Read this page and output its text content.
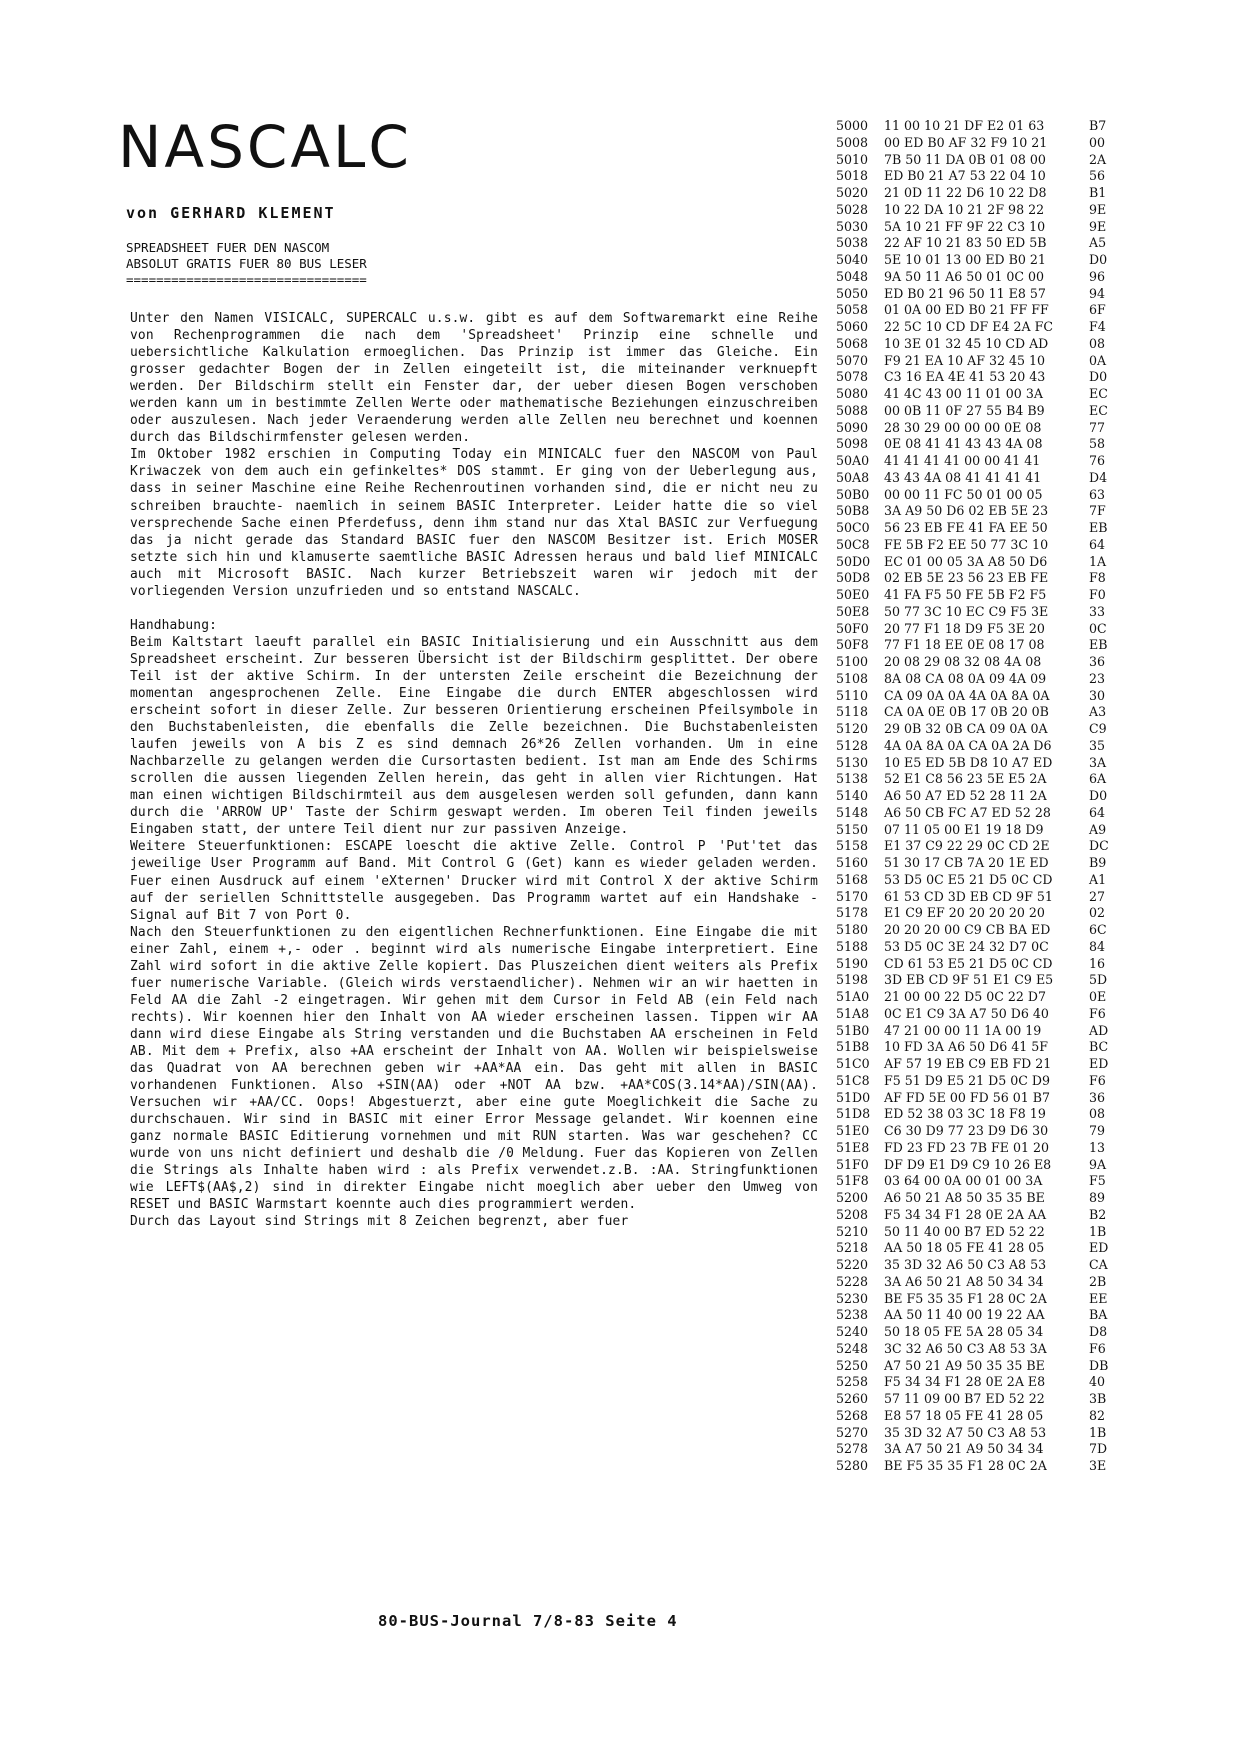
NASCALC
von GERHARD KLEMENT
SPREADSHEET FUER DEN NASCOM
ABSOLUT GRATIS FUER 80 BUS LESER
================================

Unter den Namen VISICALC, SUPERCALC u.s.w. gibt es auf dem Softwaremarkt eine Reihe von Rechenprogrammen die nach dem 'Spreadsheet' Prinzip eine schnelle und uebersichtliche Kalkulation ermoeglichen. Das Prinzip ist immer das Gleiche. Ein grosser gedachter Bogen der in Zellen eingeteilt ist, die miteinander verknuepft werden. Der Bildschirm stellt ein Fenster dar, der ueber diesen Bogen verschoben werden kann um in bestimmte Zellen Werte oder mathematische Beziehungen einzuschreiben oder auszulesen. Nach jeder Veraenderung werden alle Zellen neu berechnet und koennen durch das Bildschirmfenster gelesen werden.

Im Oktober 1982 erschien in Computing Today ein MINICALC fuer den NASCOM von Paul Kriwaczek von dem auch ein gefinkeltes* DOS stammt. Er ging von der Ueberlegung aus, dass in seiner Maschine eine Reihe Rechenroutinen vorhanden sind, die er nicht neu zu schreiben brauchte- naemlich in seinem BASIC Interpreter. Leider hatte die so viel versprechende Sache einen Pferdefuss, denn ihm stand nur das Xtal BASIC zur Verfuegung das ja nicht gerade das Standard BASIC fuer den NASCOM Besitzer ist. Erich MOSER setzte sich hin und klamuserte saemtliche BASIC Adressen heraus und bald lief MINICALC auch mit Microsoft BASIC. Nach kurzer Betriebszeit waren wir jedoch mit der vorliegenden Version unzufrieden und so entstand NASCALC.

Handhabung:

Beim Kaltstart laeuft parallel ein BASIC Initialisierung und ein Ausschnitt aus dem Spreadsheet erscheint. Zur besseren Übersicht ist der Bildschirm gesplittet. Der obere Teil ist der aktive Schirm. In der untersten Zeile erscheint die Bezeichnung der momentan angesprochenen Zelle. Eine Eingabe die durch ENTER abgeschlossen wird erscheint sofort in dieser Zelle. Zur besseren Orientierung erscheinen Pfeilsymbole in den Buchstabenleisten, die ebenfalls die Zelle bezeichnen. Die Buchstabenleisten laufen jeweils von A bis Z es sind demnach 26*26 Zellen vorhanden. Um in eine Nachbarzelle zu gelangen werden die Cursortasten bedient. Ist man am Ende des Schirms scrollen die aussen liegenden Zellen herein, das geht in allen vier Richtungen. Hat man einen wichtigen Bildschirmteil aus dem ausgelesen werden soll gefunden, dann kann durch die 'ARROW UP' Taste der Schirm geswapt werden. Im oberen Teil finden jeweils Eingaben statt, der untere Teil dient nur zur passiven Anzeige.

Weitere Steuerfunktionen: ESCAPE loescht die aktive Zelle. Control P 'Put'tet das jeweilige User Programm auf Band. Mit Control G (Get) kann es wieder geladen werden. Fuer einen Ausdruck auf einem 'eXternen' Drucker wird mit Control X der aktive Schirm auf der seriellen Schnittstelle ausgegeben. Das Programm wartet auf ein Handshake - Signal auf Bit 7 von Port 0.

Nach den Steuerfunktionen zu den eigentlichen Rechnerfunktionen. Eine Eingabe die mit einer Zahl, einem +,- oder . beginnt wird als numerische Eingabe interpretiert. Eine Zahl wird sofort in die aktive Zelle kopiert. Das Pluszeichen dient weiters als Prefix fuer numerische Variable. (Gleich wirds verstaendlicher). Nehmen wir an wir haetten in Feld AA die Zahl -2 eingetragen. Wir gehen mit dem Cursor in Feld AB (ein Feld nach rechts). Wir koennen hier den Inhalt von AA wieder erscheinen lassen. Tippen wir AA dann wird diese Eingabe als String verstanden und die Buchstaben AA erscheinen in Feld AB. Mit dem + Prefix, also +AA erscheint der Inhalt von AA. Wollen wir beispielsweise das Quadrat von AA berechnen geben wir +AA*AA ein. Das geht mit allen in BASIC vorhandenen Funktionen. Also +SIN(AA) oder +NOT AA bzw. +AA*COS(3.14*AA)/SIN(AA). Versuchen wir +AA/CC. Oops! Abgestuerzt, aber eine gute Moeglichkeit die Sache zu durchschauen. Wir sind in BASIC mit einer Error Message gelandet. Wir koennen eine ganz normale BASIC Editierung vornehmen und mit RUN starten. Was war geschehen? CC wurde von uns nicht definiert und deshalb die /0 Meldung. Fuer das Kopieren von Zellen die Strings als Inhalte haben wird : als Prefix verwendet.z.B. :AA. Stringfunktionen wie LEFT$(AA$,2) sind in direkter Eingabe nicht moeglich aber ueber den Umweg von RESET und BASIC Warmstart koennte auch dies programmiert werden.

Durch das Layout sind Strings mit 8 Zeichen begrenzt, aber fuer

5000 11 00 10 21 DF E2 01 63	B7
5008 00 ED B0 AF 32 F9 10 21	00
5010 7B 50 11 DA 0B 01 08 00	2A
5018 ED B0 21 A7 53 22 04 10	56
5020 21 0D 11 22 D6 10 22 D8	B1
5028 10 22 DA 10 21 2F 98 22	9E
5030 5A 10 21 FF 9F 22 C3 10	9E
5038 22 AF 10 21 83 50 ED 5B	A5
5040 5E 10 01 13 00 ED B0 21	D0
5048 9A 50 11 A6 50 01 0C 00	96
5050 ED B0 21 96 50 11 E8 57	94
5058 01 0A 00 ED B0 21 FF FF	6F
5060 22 5C 10 CD DF E4 2A FC	F4
5068 10 3E 01 32 45 10 CD AD	08
5070 F9 21 EA 10 AF 32 45 10	0A
5078 C3 16 EA 4E 41 53 20 43	D0
5080 41 4C 43 00 11 01 00 3A	EC
5088 00 0B 11 0F 27 55 B4 B9	EC
5090 28 30 29 00 00 00 0E 08	77
5098 0E 08 41 41 43 43 4A 08	58
50A0 41 41 41 41 00 00 41 41	76
50A8 43 43 4A 08 41 41 41 41	D4
50B0 00 00 11 FC 50 01 00 05	63
50B8 3A A9 50 D6 02 EB 5E 23	7F
50C0 56 23 EB FE 41 FA EE 50	EB
50C8 FE 5B F2 EE 50 77 3C 10	64
50D0 EC 01 00 05 3A A8 50 D6	1A
50D8 02 EB 5E 23 56 23 EB FE	F8
50E0 41 FA F5 50 FE 5B F2 F5	F0
50E8 50 77 3C 10 EC C9 F5 3E	33
50F0 20 77 F1 18 D9 F5 3E 20	0C
50F8 77 F1 18 EE 0E 08 17 08	EB
5100 20 08 29 08 32 08 4A 08	36
5108 8A 08 CA 08 0A 09 4A 09	23
5110 CA 09 0A 0A 4A 0A 8A 0A	30
5118 CA 0A 0E 0B 17 0B 20 0B	A3
5120 29 0B 32 0B CA 09 0A 0A	C9
5128 4A 0A 8A 0A CA 0A 2A D6	35
5130 10 E5 ED 5B D8 10 A7 ED	3A
5138 52 E1 C8 56 23 5E E5 2A	6A
5140 A6 50 A7 ED 52 28 11 2A	D0
5148 A6 50 CB FC A7 ED 52 28	64
5150 07 11 05 00 E1 19 18 D9	A9
5158 E1 37 C9 22 29 0C CD 2E	DC
5160 51 30 17 CB 7A 20 1E ED	B9
5168 53 D5 0C E5 21 D5 0C CD	A1
5170 61 53 CD 3D EB CD 9F 51	27
5178 E1 C9 EF 20 20 20 20 20	02
5180 20 20 20 00 C9 CB BA ED	6C
5188 53 D5 0C 3E 24 32 D7 0C	84
5190 CD 61 53 E5 21 D5 0C CD	16
5198 3D EB CD 9F 51 E1 C9 E5	5D
51A0 21 00 00 22 D5 0C 22 D7	0E
51A8 0C E1 C9 3A A7 50 D6 40	F6
51B0 47 21 00 00 11 1A 00 19	AD
51B8 10 FD 3A A6 50 D6 41 5F	BC
51C0 AF 57 19 EB C9 EB FD 21	ED
51C8 F5 51 D9 E5 21 D5 0C D9	F6
51D0 AF FD 5E 00 FD 56 01 B7	36
51D8 ED 52 38 03 3C 18 F8 19	08
51E0 C6 30 D9 77 23 D9 D6 30	79
51E8 FD 23 FD 23 7B FE 01 20	13
51F0 DF D9 E1 D9 C9 10 26 E8	9A
51F8 03 64 00 0A 00 01 00 3A	F5
5200 A6 50 21 A8 50 35 35 BE	89
5208 F5 34 34 F1 28 0E 2A AA	B2
5210 50 11 40 00 B7 ED 52 22	1B
5218 AA 50 18 05 FE 41 28 05	ED
5220 35 3D 32 A6 50 C3 A8 53	CA
5228 3A A6 50 21 A8 50 34 34	2B
5230 BE F5 35 35 F1 28 0C 2A	EE
5238 AA 50 11 40 00 19 22 AA	BA
5240 50 18 05 FE 5A 28 05 34	D8
5248 3C 32 A6 50 C3 A8 53 3A	F6
5250 A7 50 21 A9 50 35 35 BE	DB
5258 F5 34 34 F1 28 0E 2A E8	40
5260 57 11 09 00 B7 ED 52 22	3B
5268 E8 57 18 05 FE 41 28 05	82
5270 35 3D 32 A7 50 C3 A8 53	1B
5278 3A A7 50 21 A9 50 34 34	7D
5280 BE F5 35 35 F1 28 0C 2A	3E
80-BUS-Journal 7/8-83 Seite 4
